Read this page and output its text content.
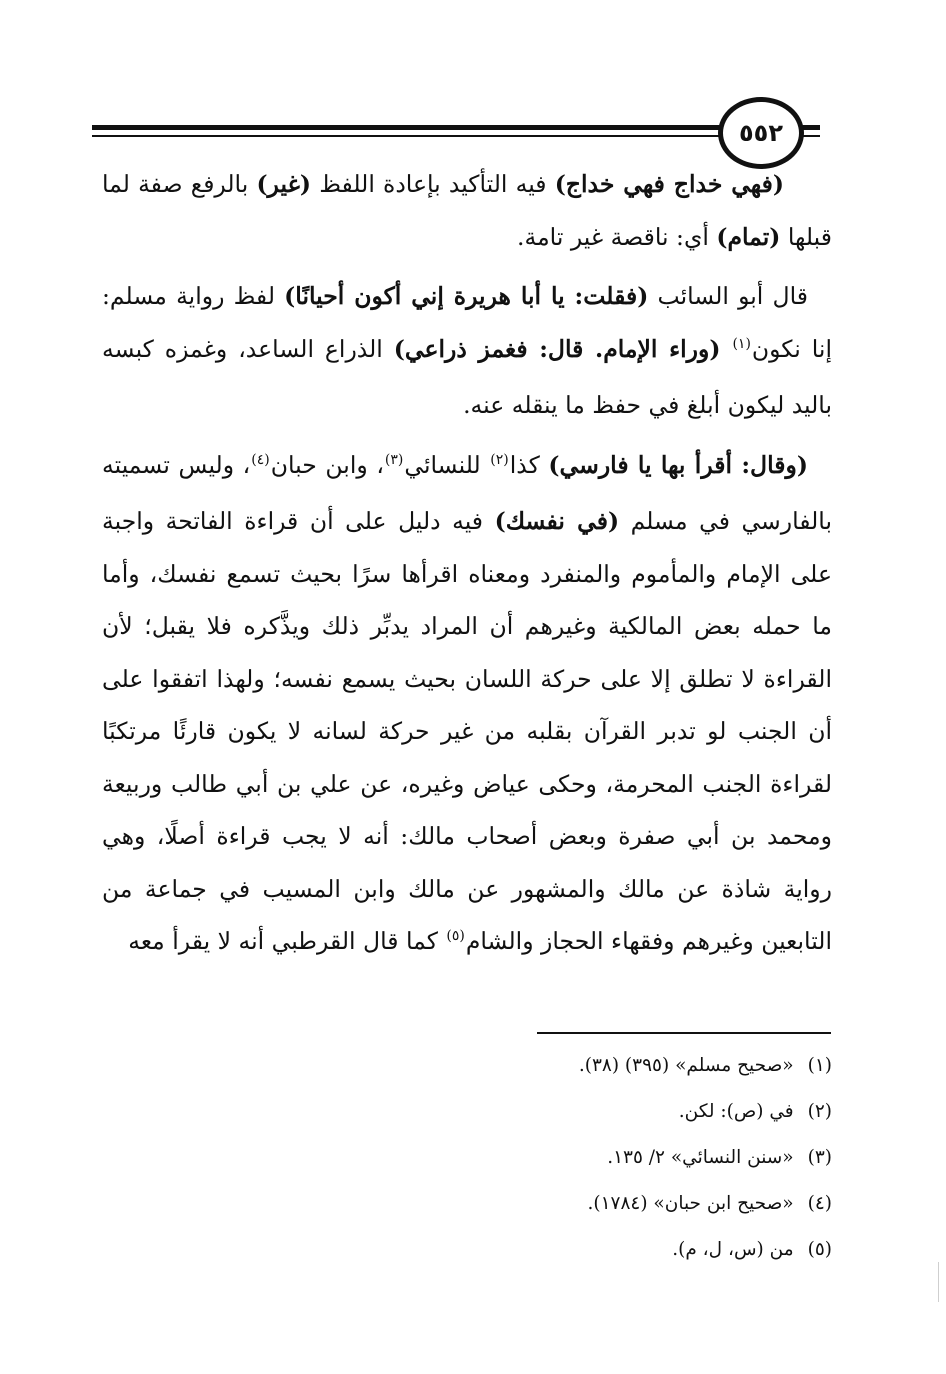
٥٥٢

(فهي خداج فهي خداج) فيه التأكيد بإعادة اللفظ (غير) بالرفع صفة لما قبلها (تمام) أي: ناقصة غير تامة.

قال أبو السائب (فقلت: يا أبا هريرة إني أكون أحيانًا) لفظ رواية مسلم: إنا نكون$^{(١)}$ (وراء الإمام. قال: فغمز ذراعي) الذراع الساعد، وغمزه كبسه باليد ليكون أبلغ في حفظ ما ينقله عنه.

(وقال: أقرأ بها يا فارسي) كذا$^{(٢)}$ للنسائي$^{(٣)}$، وابن حبان$^{(٤)}$، وليس تسميته بالفارسي في مسلم (في نفسك) فيه دليل على أن قراءة الفاتحة واجبة على الإمام والمأموم والمنفرد ومعناه اقرأها سرًا بحيث تسمع نفسك، وأما ما حمله بعض المالكية وغيرهم أن المراد يدبِّر ذلك ويذَّكره فلا يقبل؛ لأن القراءة لا تطلق إلا على حركة اللسان بحيث يسمع نفسه؛ ولهذا اتفقوا على أن الجنب لو تدبر القرآن بقلبه من غير حركة لسانه لا يكون قارئًا مرتكبًا لقراءة الجنب المحرمة، وحكى عياض وغيره، عن علي بن أبي طالب وربيعة ومحمد بن أبي صفرة وبعض أصحاب مالك: أنه لا يجب قراءة أصلًا، وهي رواية شاذة عن مالك والمشهور عن مالك وابن المسيب في جماعة من التابعين وغيرهم وفقهاء الحجاز والشام$^{(٥)}$ كما قال القرطبي أنه لا يقرأ معه

(١)«صحيح مسلم» (٣٩٥) (٣٨).
(٢)في (ص): لكن.
(٣)«سنن النسائي» ٢/ ١٣٥.
(٤)«صحيح ابن حبان» (١٧٨٤).
(٥)من (س، ل، م).
